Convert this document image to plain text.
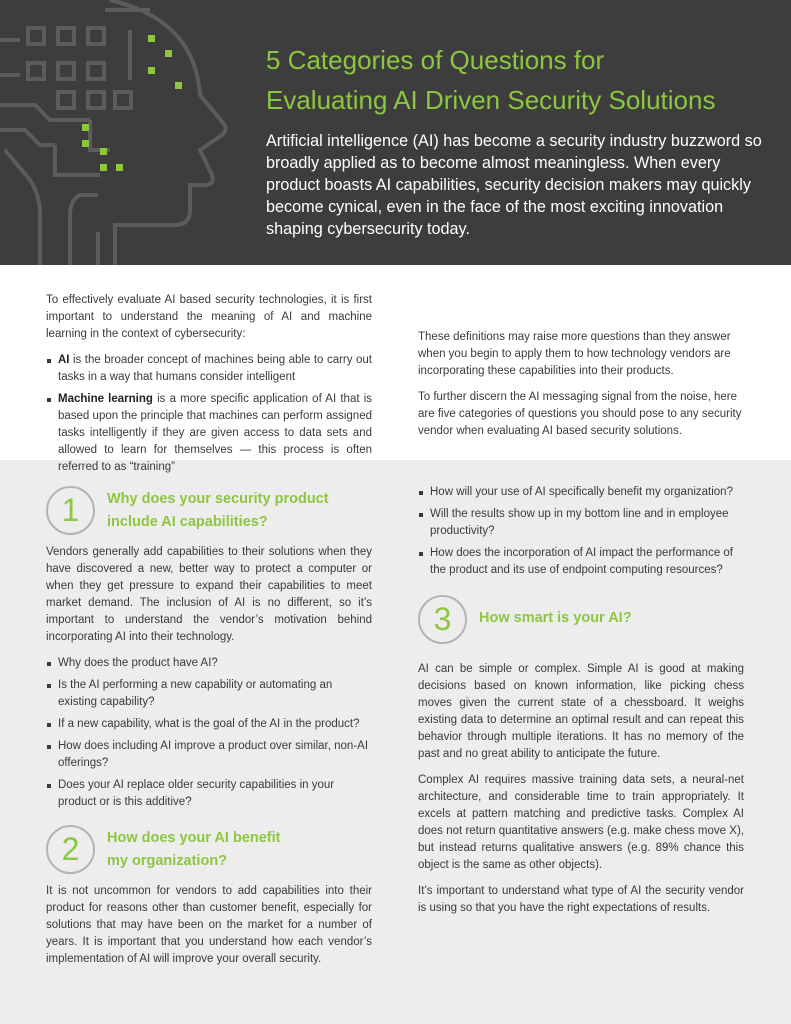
5 Categories of Questions for
Evaluating AI Driven Security Solutions

Artificial intelligence (AI) has become a security industry buzzword so broadly applied as to become almost meaningless. When every product boasts AI capabilities, security decision makers may quickly become cynical, even in the face of the most exciting innovation shaping cybersecurity today.

To effectively evaluate AI based security technologies, it is first important to understand the meaning of AI and machine learning in the context of cybersecurity:

AI is the broader concept of machines being able to carry out tasks in a way that humans consider intelligent
Machine learning is a more specific application of AI that is based upon the principle that machines can perform assigned tasks intelligently if they are given access to data sets and allowed to learn for themselves — this process is often referred to as “training”

These definitions may raise more questions than they answer when you begin to apply them to how technology vendors are incorporating these capabilities into their products.

To further discern the AI messaging signal from the noise, here are five categories of questions you should pose to any security vendor when evaluating AI based security solutions.

1	Why does your security product
include AI capabilities?

Vendors generally add capabilities to their solutions when they have discovered a new, better way to protect a computer or when they get pressure to expand their capabilities to meet market demand. The inclusion of AI is no different, so it’s important to understand the vendor’s motivation behind incorporating AI into their technology.

Why does the product have AI?
Is the AI performing a new capability or automating an existing capability?
If a new capability, what is the goal of the AI in the product?
How does including AI improve a product over similar, non-AI offerings?
Does your AI replace older security capabilities in your product or is this additive?
2	How does your AI benefit
my organization?

It is not uncommon for vendors to add capabilities into their product for reasons other than customer benefit, especially for solutions that may have been on the market for a number of years. It is important that you understand how each vendor’s implementation of AI will improve your overall security.

How will your use of AI specifically benefit my organization?
Will the results show up in my bottom line and in employee productivity?
How does the incorporation of AI impact the performance of the product and its use of endpoint computing resources?
3	How smart is your AI?

AI can be simple or complex. Simple AI is good at making decisions based on known information, like picking chess moves given the current state of a chessboard. It weighs existing data to determine an optimal result and can repeat this behavior through multiple iterations. It has no memory of the past and no great ability to anticipate the future.

Complex AI requires massive training data sets, a neural-net architecture, and considerable time to train appropriately. It excels at pattern matching and predictive tasks. Complex AI does not return quantitative answers (e.g. make chess move X), but instead returns qualitative answers (e.g. 89% chance this object is the same as other objects).

It’s important to understand what type of AI the security vendor is using so that you have the right expectations of results.
